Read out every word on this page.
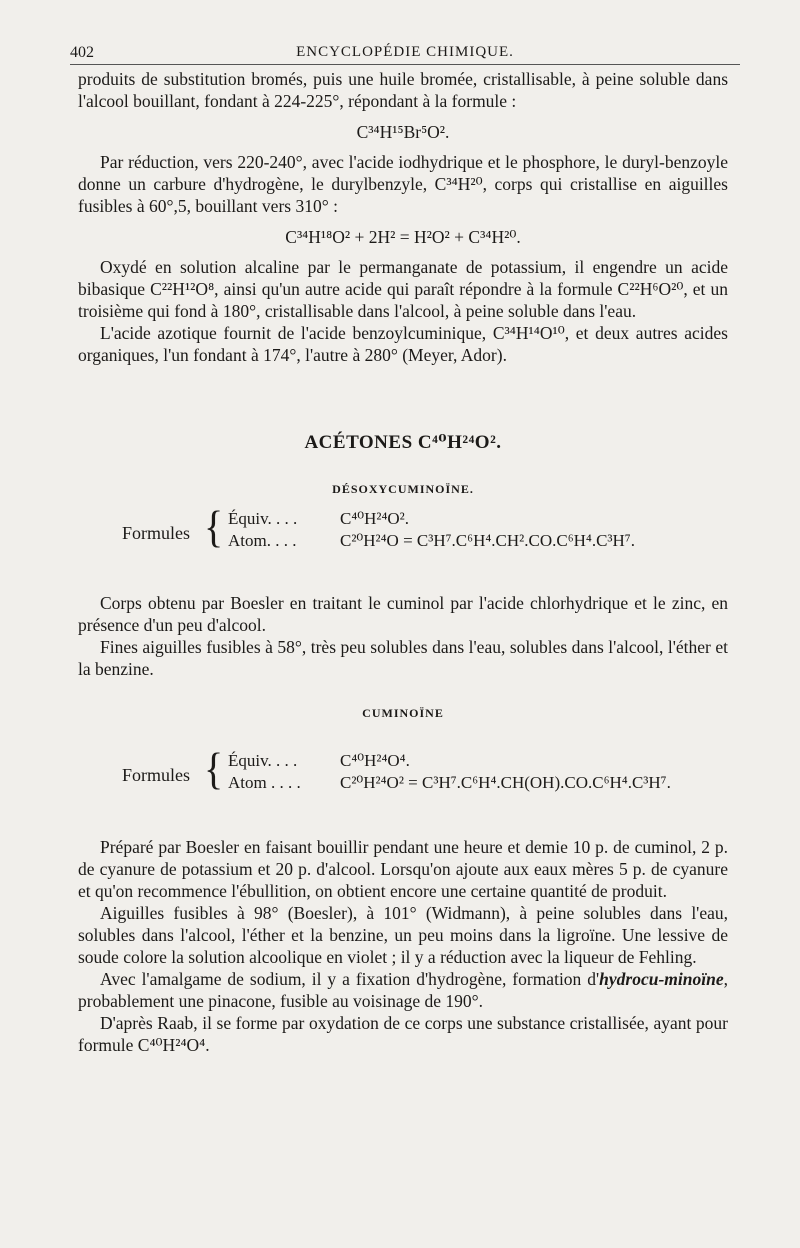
402	ENCYCLOPÉDIE CHIMIQUE.

produits de substitution bromés, puis une huile bromée, cristallisable, à peine soluble dans l'alcool bouillant, fondant à 224-225°, répondant à la formule :

C³⁴H¹⁵Br⁵O².

Par réduction, vers 220-240°, avec l'acide iodhydrique et le phosphore, le duryl-benzoyle donne un carbure d'hydrogène, le durylbenzyle, C³⁴H²⁰, corps qui cristallise en aiguilles fusibles à 60°,5, bouillant vers 310° :

C³⁴H¹⁸O² + 2H² = H²O² + C³⁴H²⁰.

Oxydé en solution alcaline par le permanganate de potassium, il engendre un acide bibasique C²²H¹²O⁸, ainsi qu'un autre acide qui paraît répondre à la formule C²²H⁶O²⁰, et un troisième qui fond à 180°, cristallisable dans l'alcool, à peine soluble dans l'eau.

L'acide azotique fournit de l'acide benzoylcuminique, C³⁴H¹⁴O¹⁰, et deux autres acides organiques, l'un fondant à 174°, l'autre à 280° (Meyer, Ador).

ACÉTONES C⁴⁰H²⁴O².
DÉSOXYCUMINOÏNE.
Formules { Équiv. . . .	C⁴⁰H²⁴O².
Atom. . . .	C²⁰H²⁴O = C³H⁷.C⁶H⁴.CH².CO.C⁶H⁴.C³H⁷.

Corps obtenu par Boesler en traitant le cuminol par l'acide chlorhydrique et le zinc, en présence d'un peu d'alcool.

Fines aiguilles fusibles à 58°, très peu solubles dans l'eau, solubles dans l'alcool, l'éther et la benzine.

CUMINOÏNE
Formules { Équiv. . . .	C⁴⁰H²⁴O⁴.
Atom . . . . C²⁰H²⁴O² = C³H⁷.C⁶H⁴.CH(OH).CO.C⁶H⁴.C³H⁷.

Préparé par Boesler en faisant bouillir pendant une heure et demie 10 p. de cuminol, 2 p. de cyanure de potassium et 20 p. d'alcool. Lorsqu'on ajoute aux eaux mères 5 p. de cyanure et qu'on recommence l'ébullition, on obtient encore une certaine quantité de produit.

Aiguilles fusibles à 98° (Boesler), à 101° (Widmann), à peine solubles dans l'eau, solubles dans l'alcool, l'éther et la benzine, un peu moins dans la ligroïne. Une lessive de soude colore la solution alcoolique en violet ; il y a réduction avec la liqueur de Fehling.

Avec l'amalgame de sodium, il y a fixation d'hydrogène, formation d'hydrocu-minoïne, probablement une pinacone, fusible au voisinage de 190°.

D'après Raab, il se forme par oxydation de ce corps une substance cristallisée, ayant pour formule C⁴⁰H²⁴O⁴.
